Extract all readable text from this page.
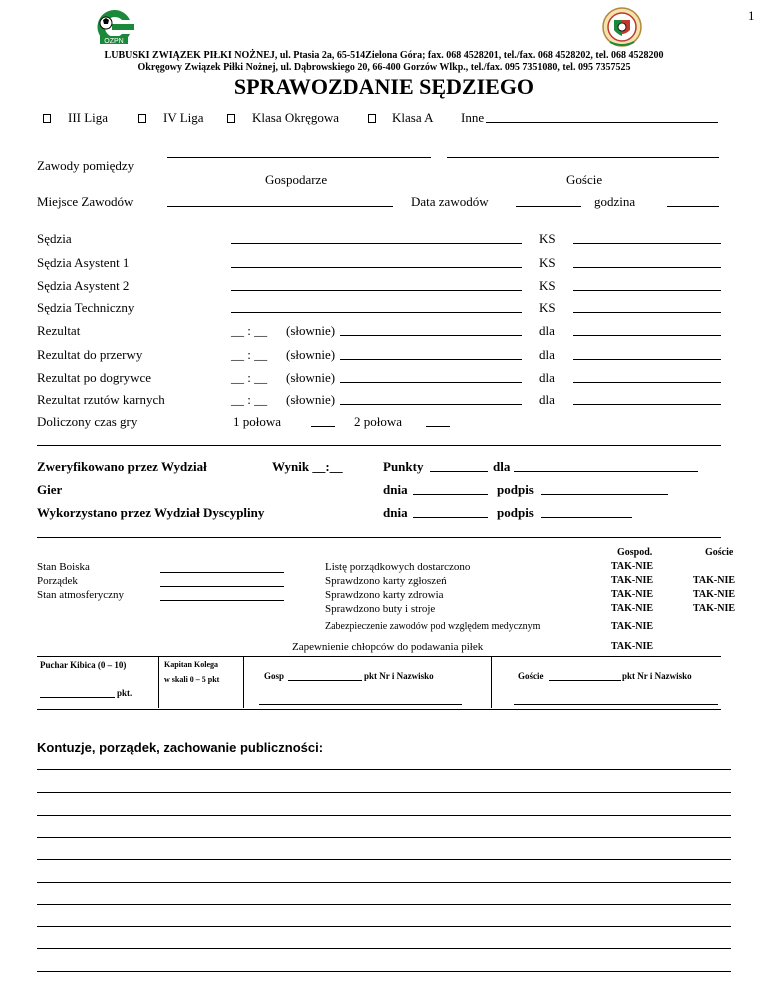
1
OZPN
LUBUSKI ZWIĄZEK PIŁKI NOŻNEJ, ul. Ptasia 2a, 65-514Zielona Góra; fax. 068 4528201, tel./fax. 068 4528202, tel. 068 4528200
Okręgowy Związek Piłki Nożnej, ul. Dąbrowskiego 20, 66-400 Gorzów Wlkp., tel./fax. 095 7351080, tel. 095 7357525
SPRAWOZDANIE SĘDZIEGO
III Liga	IV Liga	Klasa Okręgowa	Klasa A Inne
Zawody pomiędzy
Gospodarze	Goście
Miejsce Zawodów	Data zawodów	godzina
Sędzia	KS
Sędzia Asystent 1	KS
Sędzia Asystent 2	KS
Sędzia Techniczny	KS
Rezultat	__ : __ (słownie)	dla
Rezultat do przerwy	__ : __ (słownie)	dla
Rezultat po dogrywce	__ : __ (słownie)	dla
Rezultat rzutów karnych	__ : __ (słownie)	dla
Doliczony czas gry	1 połowa	2 połowa
Zweryfikowano przez Wydział	Wynik __:__	Punkty	dla
Gier	dnia	podpis
Wykorzystano przez Wydział Dyscypliny	dnia	podpis
Stan Boiska
Porządek
Stan atmosferyczny
Gospod.	Goście
Listę porządkowych dostarczono	TAK-NIE
Sprawdzono karty zgłoszeń	TAK-NIE	TAK-NIE
Sprawdzono karty zdrowia	TAK-NIE	TAK-NIE
Sprawdzono buty i stroje	TAK-NIE	TAK-NIE
Zabezpieczenie zawodów pod względem medycznym	TAK-NIE
Zapewnienie chłopców do podawania piłek	TAK-NIE
Puchar Kibica (0 – 10)
pkt.
Kapitan Kolega
w skali 0 – 5 pkt	Gosp	pkt Nr i Nazwisko	Goście	pkt Nr i Nazwisko
Kontuzje, porządek, zachowanie publiczności:
